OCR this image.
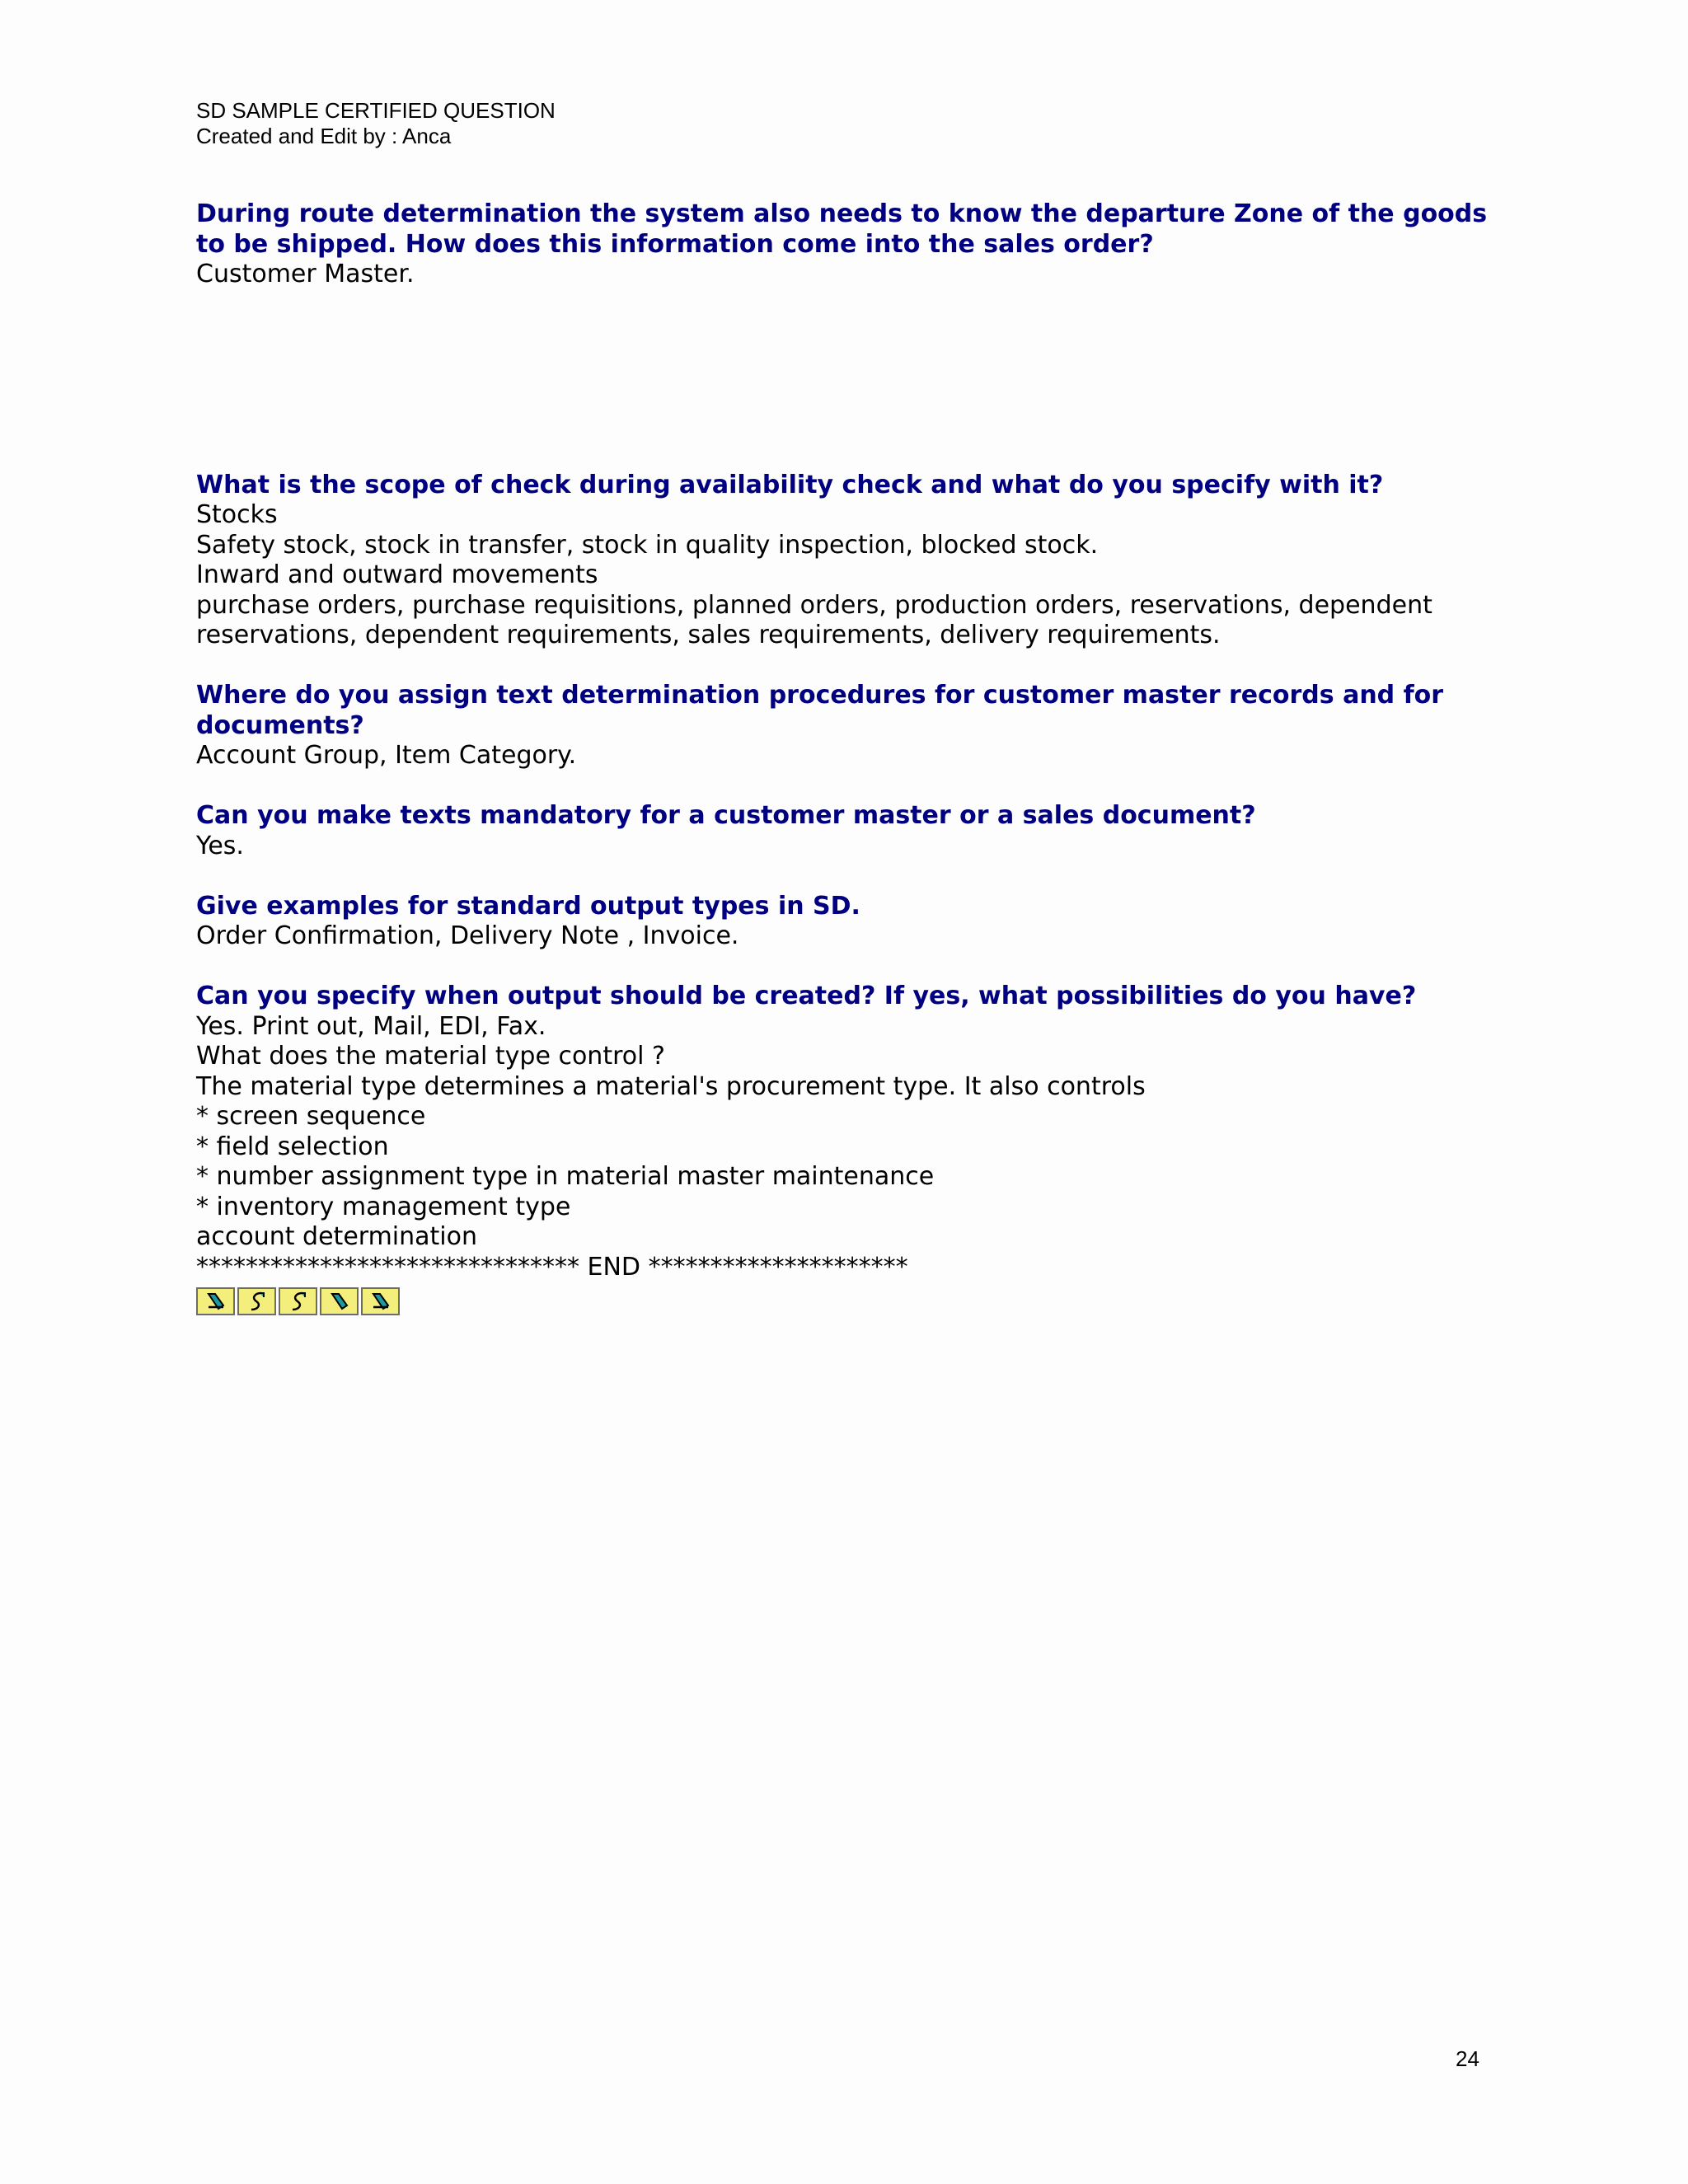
SD SAMPLE CERTIFIED QUESTION
Created and Edit by : Anca
During route determination the system also needs to know the departure Zone of the goods
to be shipped. How does this information come into the sales order?
Customer Master.
What is the scope of check during availability check and what do you specify with it?
Stocks
Safety stock, stock in transfer, stock in quality inspection, blocked stock.
Inward and outward movements
purchase orders, purchase requisitions, planned orders, production orders, reservations, dependent
reservations, dependent requirements, sales requirements, delivery requirements.
Where do you assign text determination procedures for customer master records and for
documents?
Account Group, Item Category.
Can you make texts mandatory for a customer master or a sales document?
Yes.
Give examples for standard output types in SD.
Order Confirmation, Delivery Note , Invoice.
Can you specify when output should be created? If yes, what possibilities do you have?
Yes. Print out, Mail, EDI, Fax.
What does the material type control ?
The material type determines a material's procurement type. It also controls
* screen sequence
* field selection
* number assignment type in material master maintenance
* inventory management type
account determination
******************************* END *********************
24
